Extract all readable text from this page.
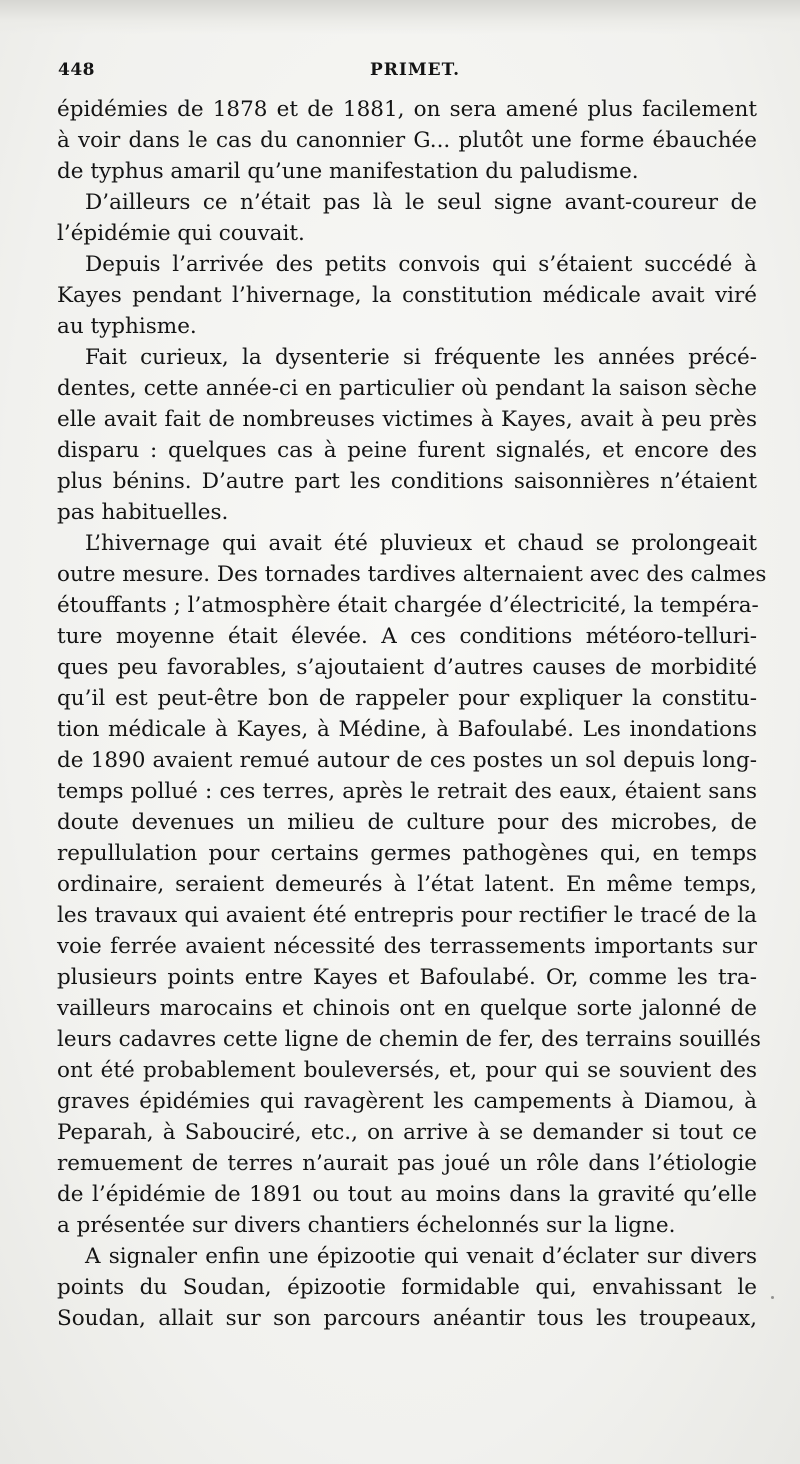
448	PRIMET.
épidémies de 1878 et de 1881, on sera amené plus facilement
à voir dans le cas du canonnier G... plutôt une forme ébauchée
de typhus amaril qu’une manifestation du paludisme.
D’ailleurs ce n’était pas là le seul signe avant-coureur de
l’épidémie qui couvait.
Depuis l’arrivée des petits convois qui s’étaient succédé à
Kayes pendant l’hivernage, la constitution médicale avait viré
au typhisme.
Fait curieux, la dysenterie si fréquente les années précé-
dentes, cette année-ci en particulier où pendant la saison sèche
elle avait fait de nombreuses victimes à Kayes, avait à peu près
disparu : quelques cas à peine furent signalés, et encore des
plus bénins. D’autre part les conditions saisonnières n’étaient
pas habituelles.
L’hivernage qui avait été pluvieux et chaud se prolongeait
outre mesure. Des tornades tardives alternaient avec des calmes
étouffants ; l’atmosphère était chargée d’électricité, la tempéra-
ture moyenne était élevée. A ces conditions météoro-telluri-
ques peu favorables, s’ajoutaient d’autres causes de morbidité
qu’il est peut-être bon de rappeler pour expliquer la constitu-
tion médicale à Kayes, à Médine, à Bafoulabé. Les inondations
de 1890 avaient remué autour de ces postes un sol depuis long-
temps pollué : ces terres, après le retrait des eaux, étaient sans
doute devenues un milieu de culture pour des microbes, de
repullulation pour certains germes pathogènes qui, en temps
ordinaire, seraient demeurés à l’état latent. En même temps,
les travaux qui avaient été entrepris pour rectifier le tracé de la
voie ferrée avaient nécessité des terrassements importants sur
plusieurs points entre Kayes et Bafoulabé. Or, comme les tra-
vailleurs marocains et chinois ont en quelque sorte jalonné de
leurs cadavres cette ligne de chemin de fer, des terrains souillés
ont été probablement bouleversés, et, pour qui se souvient des
graves épidémies qui ravagèrent les campements à Diamou, à
Peparah, à Sabouciré, etc., on arrive à se demander si tout ce
remuement de terres n’aurait pas joué un rôle dans l’étiologie
de l’épidémie de 1891 ou tout au moins dans la gravité qu’elle
a présentée sur divers chantiers échelonnés sur la ligne.
A signaler enfin une épizootie qui venait d’éclater sur divers
points du Soudan, épizootie formidable qui, envahissant le
Soudan, allait sur son parcours anéantir tous les troupeaux,
